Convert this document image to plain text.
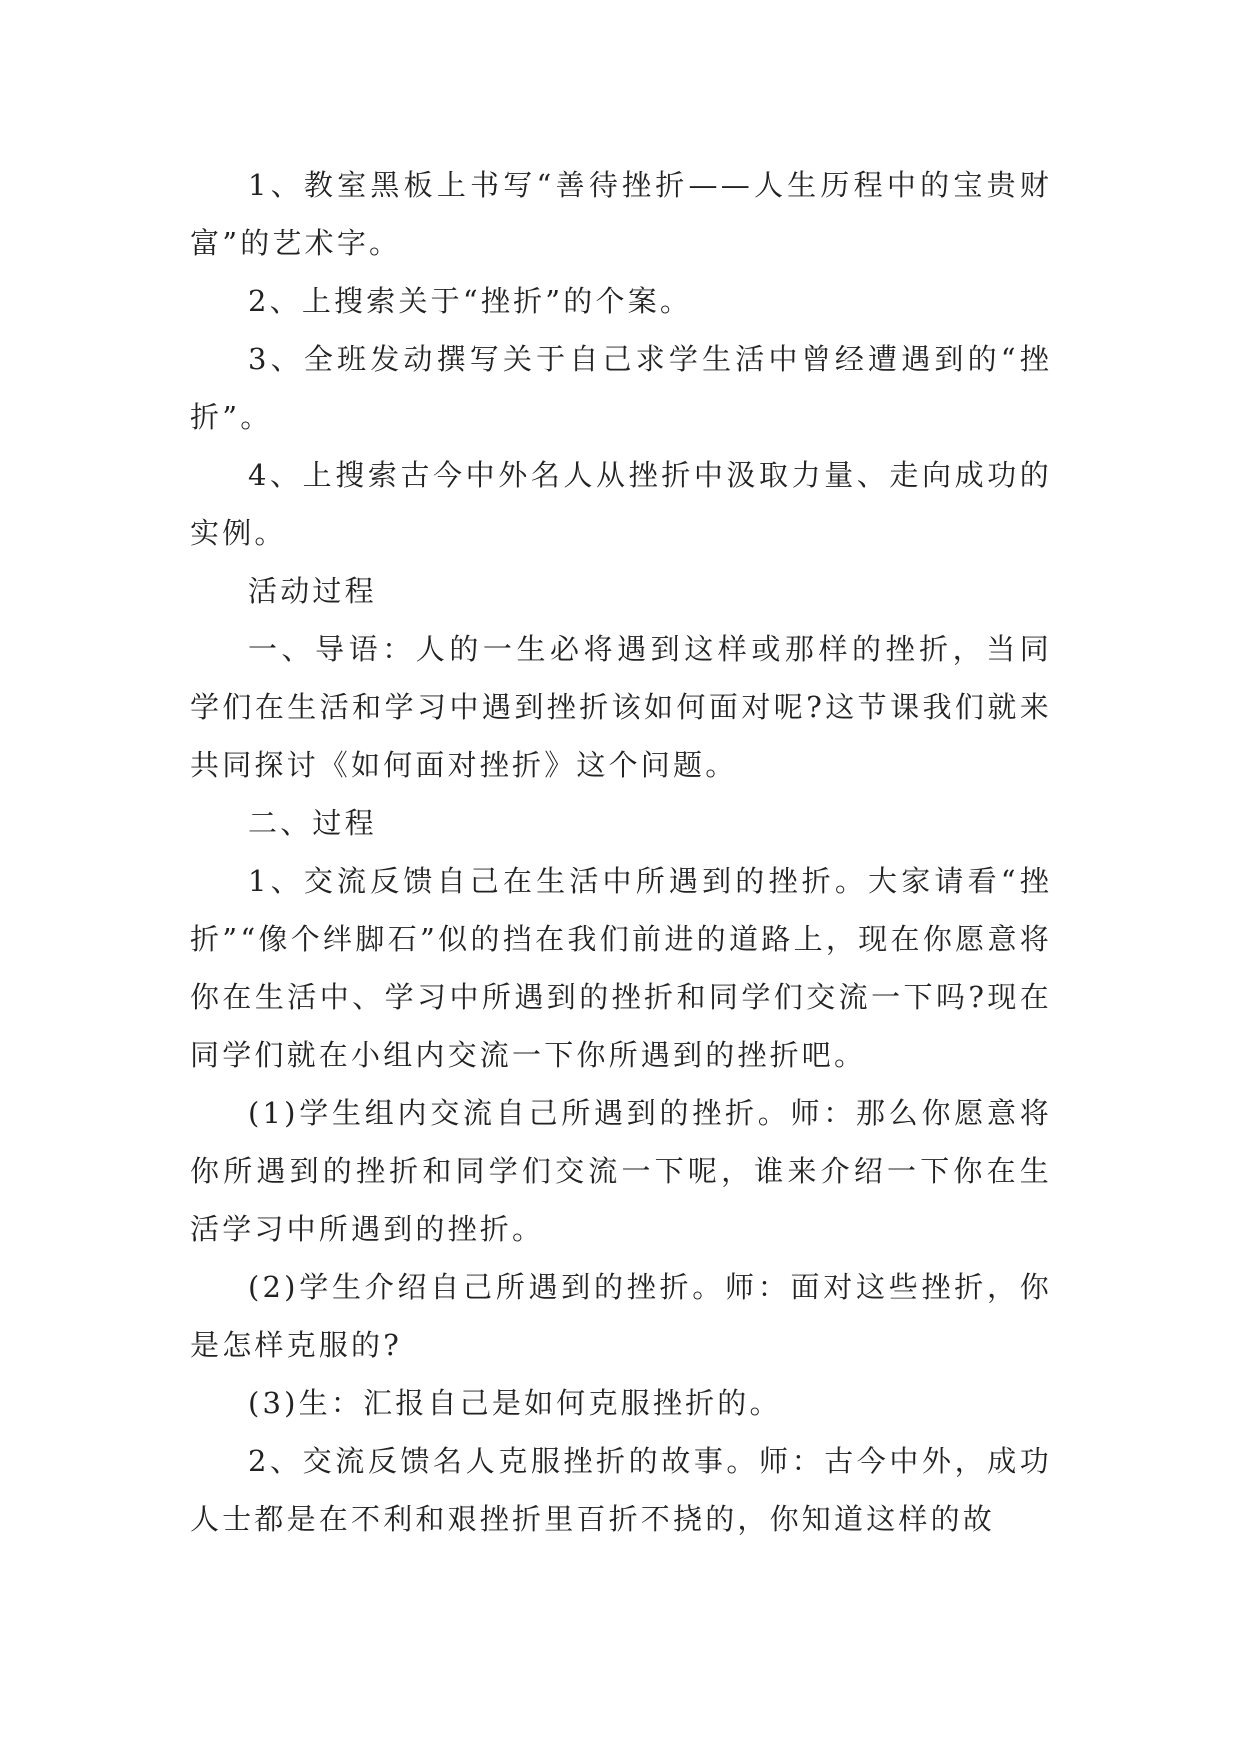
1、教室黑板上书写“善待挫折——人生历程中的宝贵财富”的艺术字。

2、上搜索关于“挫折”的个案。

3、全班发动撰写关于自己求学生活中曾经遭遇到的“挫折”。

4、上搜索古今中外名人从挫折中汲取力量、走向成功的实例。

活动过程

一、导语：人的一生必将遇到这样或那样的挫折，当同学们在生活和学习中遇到挫折该如何面对呢?这节课我们就来共同探讨《如何面对挫折》这个问题。

二、过程

1、交流反馈自己在生活中所遇到的挫折。大家请看“挫折”“像个绊脚石”似的挡在我们前进的道路上，现在你愿意将你在生活中、学习中所遇到的挫折和同学们交流一下吗?现在同学们就在小组内交流一下你所遇到的挫折吧。

(1)学生组内交流自己所遇到的挫折。师：那么你愿意将你所遇到的挫折和同学们交流一下呢，谁来介绍一下你在生活学习中所遇到的挫折。

(2)学生介绍自己所遇到的挫折。师：面对这些挫折，你是怎样克服的?

(3)生：汇报自己是如何克服挫折的。

2、交流反馈名人克服挫折的故事。师：古今中外，成功人士都是在不利和艰挫折里百折不挠的，你知道这样的故
